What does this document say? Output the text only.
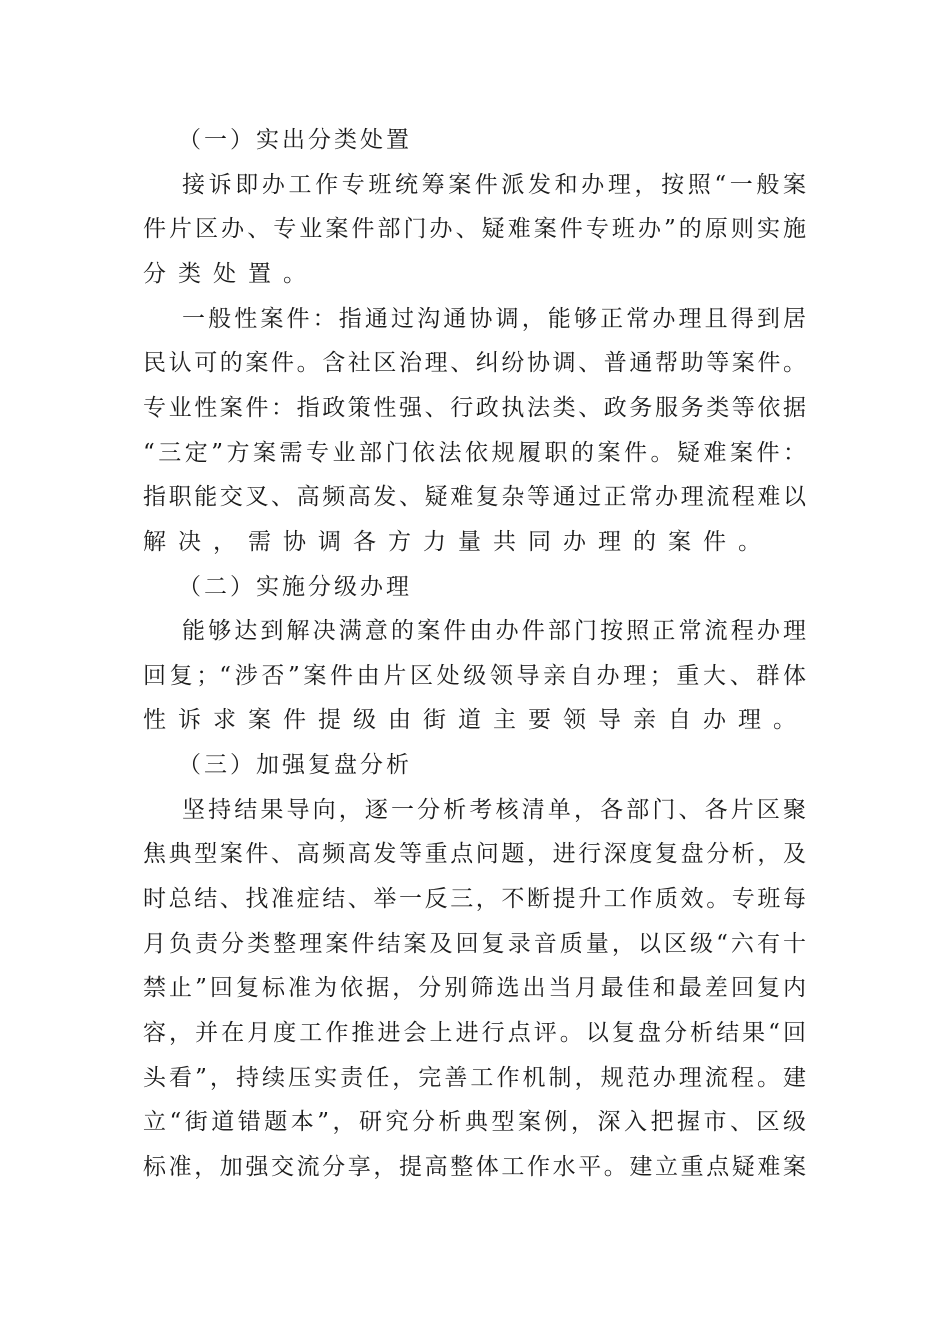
（一）实出分类处置
接诉即办工作专班统筹案件派发和办理，按照“一般案
件片区办、专业案件部门办、疑难案件专班办”的原则实施
分类处置。
一般性案件：指通过沟通协调，能够正常办理且得到居
民认可的案件。含社区治理、纠纷协调、普通帮助等案件。
专业性案件：指政策性强、行政执法类、政务服务类等依据
“三定”方案需专业部门依法依规履职的案件。疑难案件：
指职能交叉、高频高发、疑难复杂等通过正常办理流程难以
解决，需协调各方力量共同办理的案件。
（二）实施分级办理
能够达到解决满意的案件由办件部门按照正常流程办理
回复；“涉否”案件由片区处级领导亲自办理；重大、群体
性诉求案件提级由街道主要领导亲自办理。
（三）加强复盘分析
坚持结果导向，逐一分析考核清单，各部门、各片区聚
焦典型案件、高频高发等重点问题，进行深度复盘分析，及
时总结、找准症结、举一反三，不断提升工作质效。专班每
月负责分类整理案件结案及回复录音质量，以区级“六有十
禁止”回复标准为依据，分别筛选出当月最佳和最差回复内
容，并在月度工作推进会上进行点评。以复盘分析结果“回
头看”，持续压实责任，完善工作机制，规范办理流程。建
立“街道错题本”，研究分析典型案例，深入把握市、区级
标准，加强交流分享，提高整体工作水平。建立重点疑难案
